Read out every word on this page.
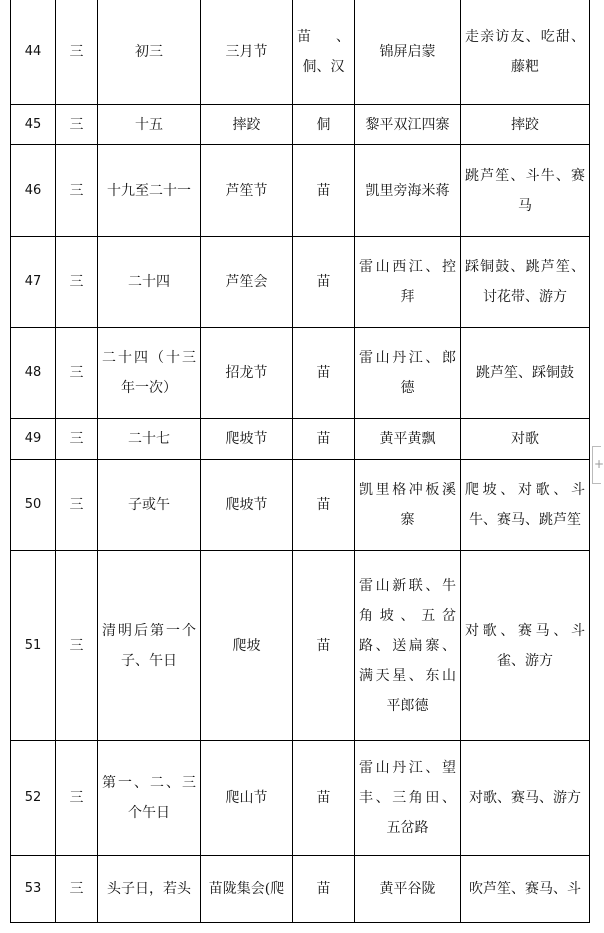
44	三	初三	三月节	苗、侗、汉	锦屏启蒙	走亲访友、吃甜、藤粑

45	三	十五	摔跤	侗	黎平双江四寨	摔跤

46	三	十九至二十一	芦笙节	苗	凯里旁海米蒋	跳芦笙、斗牛、赛马

47	三	二十四	芦笙会	苗	雷山西江、控拜	踩铜鼓、跳芦笙、讨花带、游方

48	三	二十四（十三年一次）	招龙节	苗	雷山丹江、郎德	跳芦笙、踩铜鼓

49	三	二十七	爬坡节	苗	黄平黄飘	对歌

50	三	子或午	爬坡节	苗	凯里格冲板溪寨	爬坡、对歌、斗牛、赛马、跳芦笙

51	三	清明后第一个子、午日	爬坡	苗	雷山新联、牛角坡、五岔路、送扁寨、满天星、东山平郎德	对歌、赛马、斗雀、游方

52	三	第一、二、三个午日	爬山节	苗	雷山丹江、望丰、三角田、五岔路	对歌、赛马、游方

53	三	头子日，若头	苗陇集会(爬	苗	黄平谷陇	吹芦笙、赛马、斗
+
